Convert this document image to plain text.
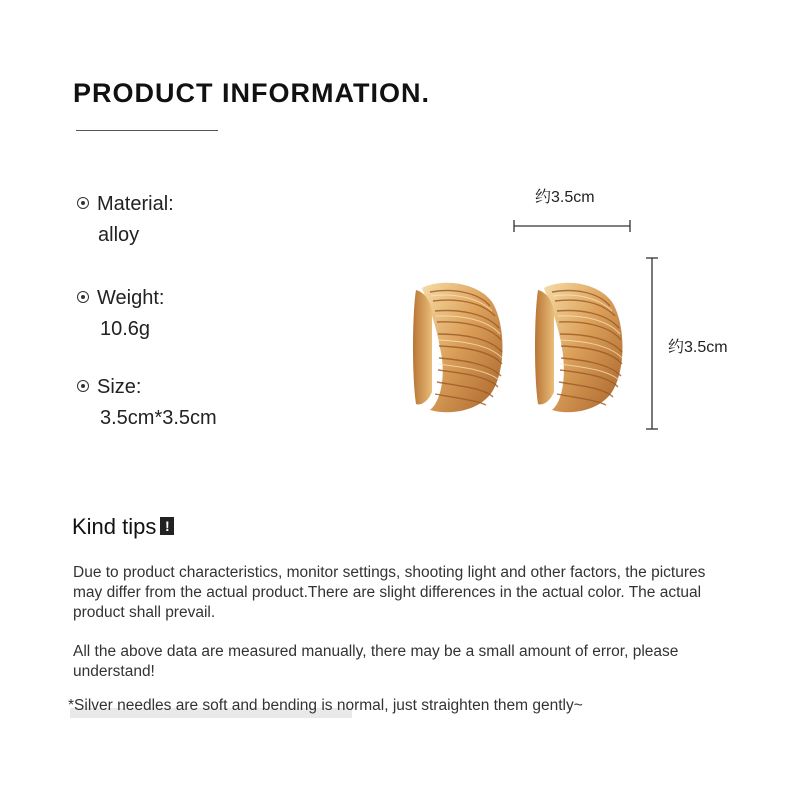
PRODUCT INFORMATION.
Material:
alloy
Weight:
10.6g
Size:
3.5cm*3.5cm
约3.5cm
约3.5cm
Kind tips !
Due to product characteristics, monitor settings, shooting light and other factors, the pictures may differ from the actual product.There are slight differences in the actual color. The actual product shall prevail.
All the above data are measured manually, there may be a small amount of error, please understand!
*Silver needles are soft and bending is normal, just straighten them gently~
